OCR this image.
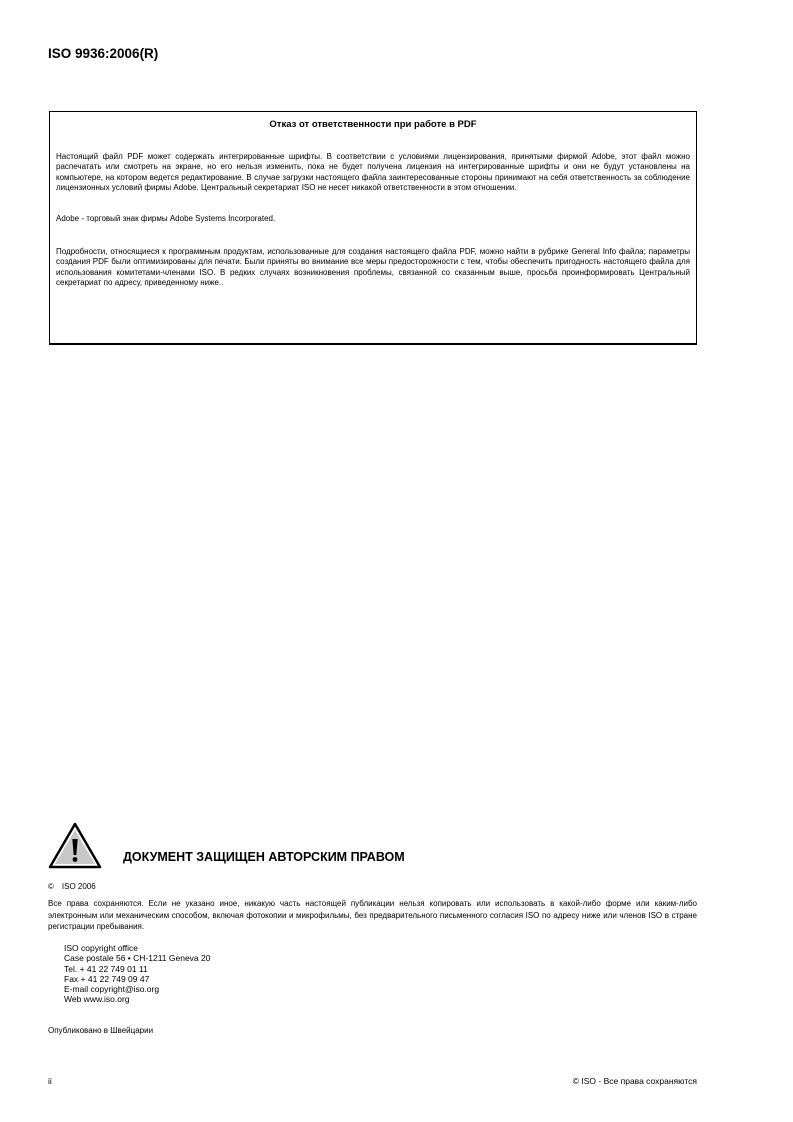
ISO 9936:2006(R)
Отказ от ответственности при работе в PDF

Настоящий файл PDF может содержать интегрированные шрифты. В соответствии с условиями лицензирования, принятыми фирмой Adobe, этот файл можно распечатать или смотреть на экране, но его нельзя изменить, пока не будет получена лицензия на интегрированные шрифты и они не будут установлены на компьютере, на котором ведется редактирование. В случае загрузки настоящего файла заинтересованные стороны принимают на себя ответственность за соблюдение лицензионных условий фирмы Adobe. Центральный секретариат ISO не несет никакой ответственности в этом отношении.

Adobe - торговый знак фирмы Adobe Systems Incorporated.

Подробности, относящиеся к программным продуктам, использованные для создания настоящего файла PDF, можно найти в рубрике General Info файла; параметры создания PDF были оптимизированы для печати. Были приняты во внимание все меры предосторожности с тем, чтобы обеспечить пригодность настоящего файла для использования комитетами-членами ISO. В редких случаях возникновения проблемы, связанной со сказанным выше, просьба проинформировать Центральный секретариат по адресу, приведенному ниже..

ДОКУМЕНТ ЗАЩИЩЕН АВТОРСКИМ ПРАВОМ
© ISO 2006

Все права сохраняются. Если не указано иное, никакую часть настоящей публикации нельзя копировать или использовать в какой-либо форме или каким-либо электронным или механическим способом, включая фотокопии и микрофильмы, без предварительного письменного согласия ISO по адресу ниже или членов ISO в стране регистрации пребывания.

ISO copyright office
Case postale 56 • CH-1211 Geneva 20
Tel. + 41 22 749 01 11
Fax + 41 22 749 09 47
E-mail copyright@iso.org
Web www.iso.org
Опубликовано в Швейцарии
ii	© ISO - Все права сохраняются
